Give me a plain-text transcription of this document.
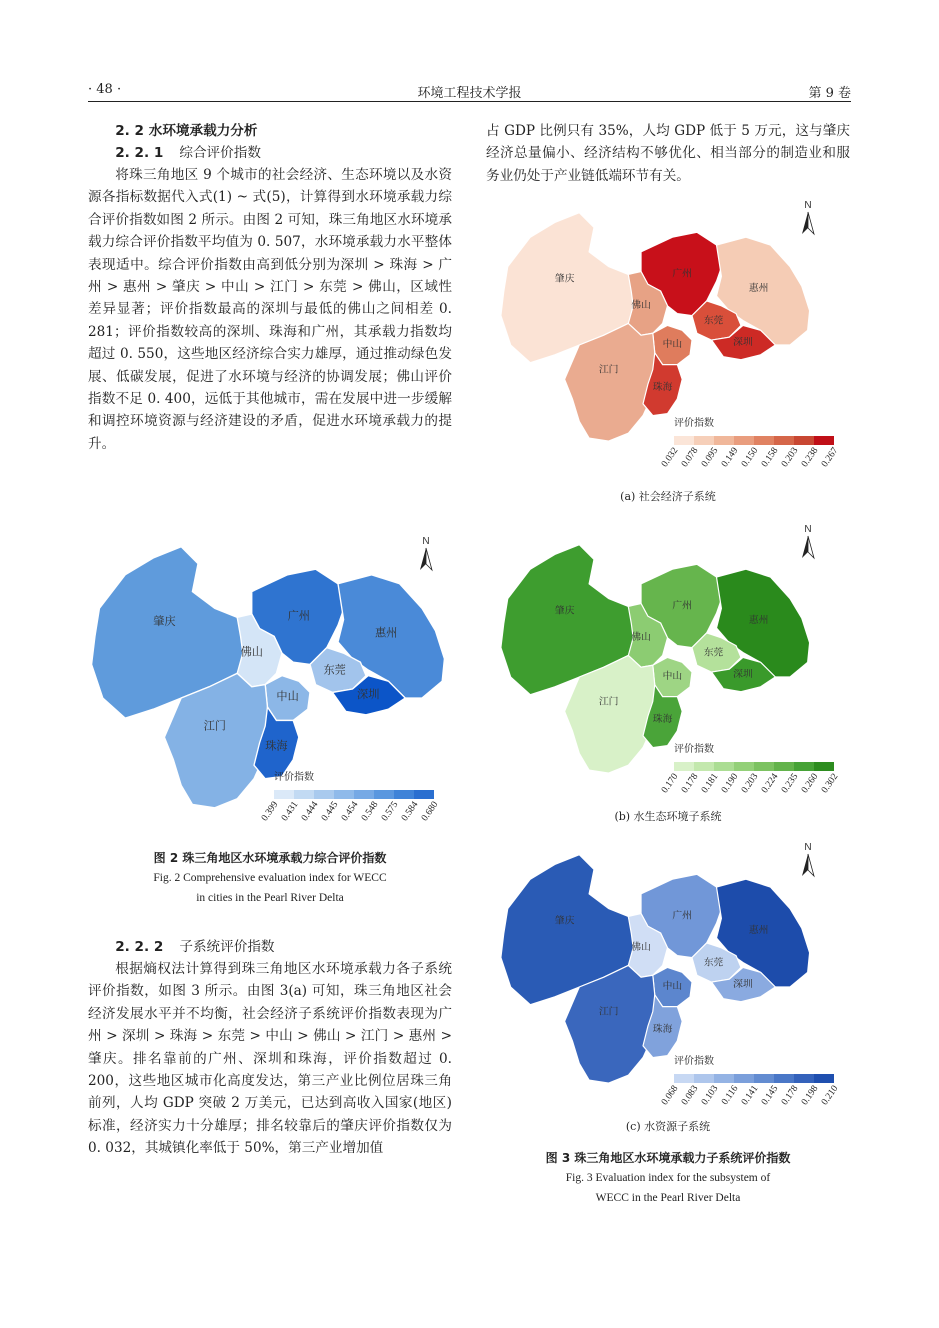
· 48 ·	环境工程技术学报	第 9 卷

2. 2 水环境承载力分析

2. 2. 1 综合评价指数

将珠三角地区 9 个城市的社会经济、生态环境以及水资源各指标数据代入式(1) ~ 式(5)，计算得到水环境承载力综合评价指数如图 2 所示。由图 2 可知，珠三角地区水环境承载力综合评价指数平均值为 0. 507，水环境承载力水平整体表现适中。综合评价指数由高到低分别为深圳 > 珠海 > 广州 > 惠州 > 肇庆 > 中山 > 江门 > 东莞 > 佛山，区域性差异显著；评价指数最高的深圳与最低的佛山之间相差 0. 281；评价指数较高的深圳、珠海和广州，其承载力指数均超过 0. 550，这些地区经济综合实力雄厚，通过推动绿色发展、低碳发展，促进了水环境与经济的协调发展；佛山评价指数不足 0. 400，远低于其他城市，需在发展中进一步缓解和调控环境资源与经济建设的矛盾，促进水环境承载力的提升。

肇庆	广州
惠州
佛山
东莞
深圳
中山
江门
珠海
N
评价指数
0.399 0.431 0.444 0.445 0.454 0.548 0.575 0.584 0.680
图 2 珠三角地区水环境承载力综合评价指数
Fig. 2 Comprehensive evaluation index for WECC
in cities in the Pearl River Delta

2. 2. 2 子系统评价指数

根据熵权法计算得到珠三角地区水环境承载力各子系统评价指数，如图 3 所示。由图 3(a) 可知，珠三角地区社会经济发展水平并不均衡，社会经济子系统评价指数表现为广州 > 深圳 > 珠海 > 东莞 > 中山 > 佛山 > 江门 > 惠州 > 肇庆。排名靠前的广州、深圳和珠海，评价指数超过 0. 200，这些地区城市化高度发达，第三产业比例位居珠三角前列，人均 GDP 突破 2 万美元，已达到高收入国家(地区)标准，经济实力十分雄厚；排名较靠后的肇庆评价指数仅为 0. 032，其城镇化率低于 50%，第三产业增加值

占 GDP 比例只有 35%，人均 GDP 低于 5 万元，这与肇庆经济总量偏小、经济结构不够优化、相当部分的制造业和服务业仍处于产业链低端环节有关。

肇庆	广州
惠州
佛山
东莞
深圳
中山
江门
珠海
N
评价指数
0.032 0.078 0.095 0.149 0.150 0.158 0.203 0.238 0.267
(a) 社会经济子系统
肇庆	广州
惠州
佛山
东莞
深圳
中山
江门
珠海
N
评价指数
0.170 0.178 0.181 0.190 0.203 0.224 0.235 0.260 0.302
(b) 水生态环境子系统
肇庆	广州
惠州
佛山
东莞
深圳
中山
江门
珠海
N
评价指数
0.068 0.083 0.103 0.116 0.141 0.145 0.178 0.198 0.210
(c) 水资源子系统
图 3 珠三角地区水环境承载力子系统评价指数
Fig. 3 Evaluation index for the subsystem of
WECC in the Pearl River Delta
